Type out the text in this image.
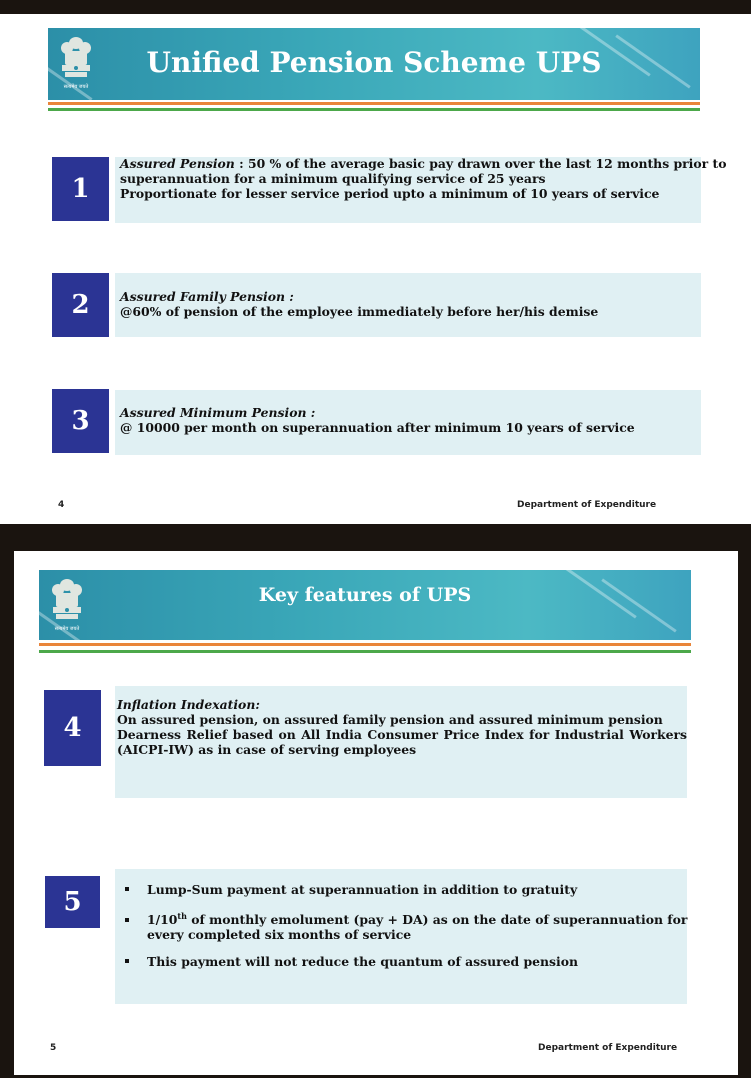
सत्यमेव जयते
Unified Pension Scheme UPS
1
Assured Pension : 50 % of the average basic pay drawn over the last 12 months prior to
superannuation for a minimum qualifying service of 25 years
Proportionate for lesser service period upto a minimum of 10 years of service
2 Assured Family Pension :
@60% of pension of the employee immediately before her/his demise
3 Assured Minimum Pension :
@ 10000 per month on superannuation after minimum 10 years of service
4	Department of Expenditure
सत्यमेव जयते
Key features of UPS
4
Inflation Indexation:
On assured pension, on assured family pension and assured minimum pension
Dearness Relief based on All India Consumer Price Index for Industrial Workers
(AICPI-IW) as in case of serving employees
5	Lump-Sum payment at superannuation in addition to gratuity
1/10th of monthly emolument (pay + DA) as on the date of superannuation for
every completed six months of service
This payment will not reduce the quantum of assured pension
5	Department of Expenditure
